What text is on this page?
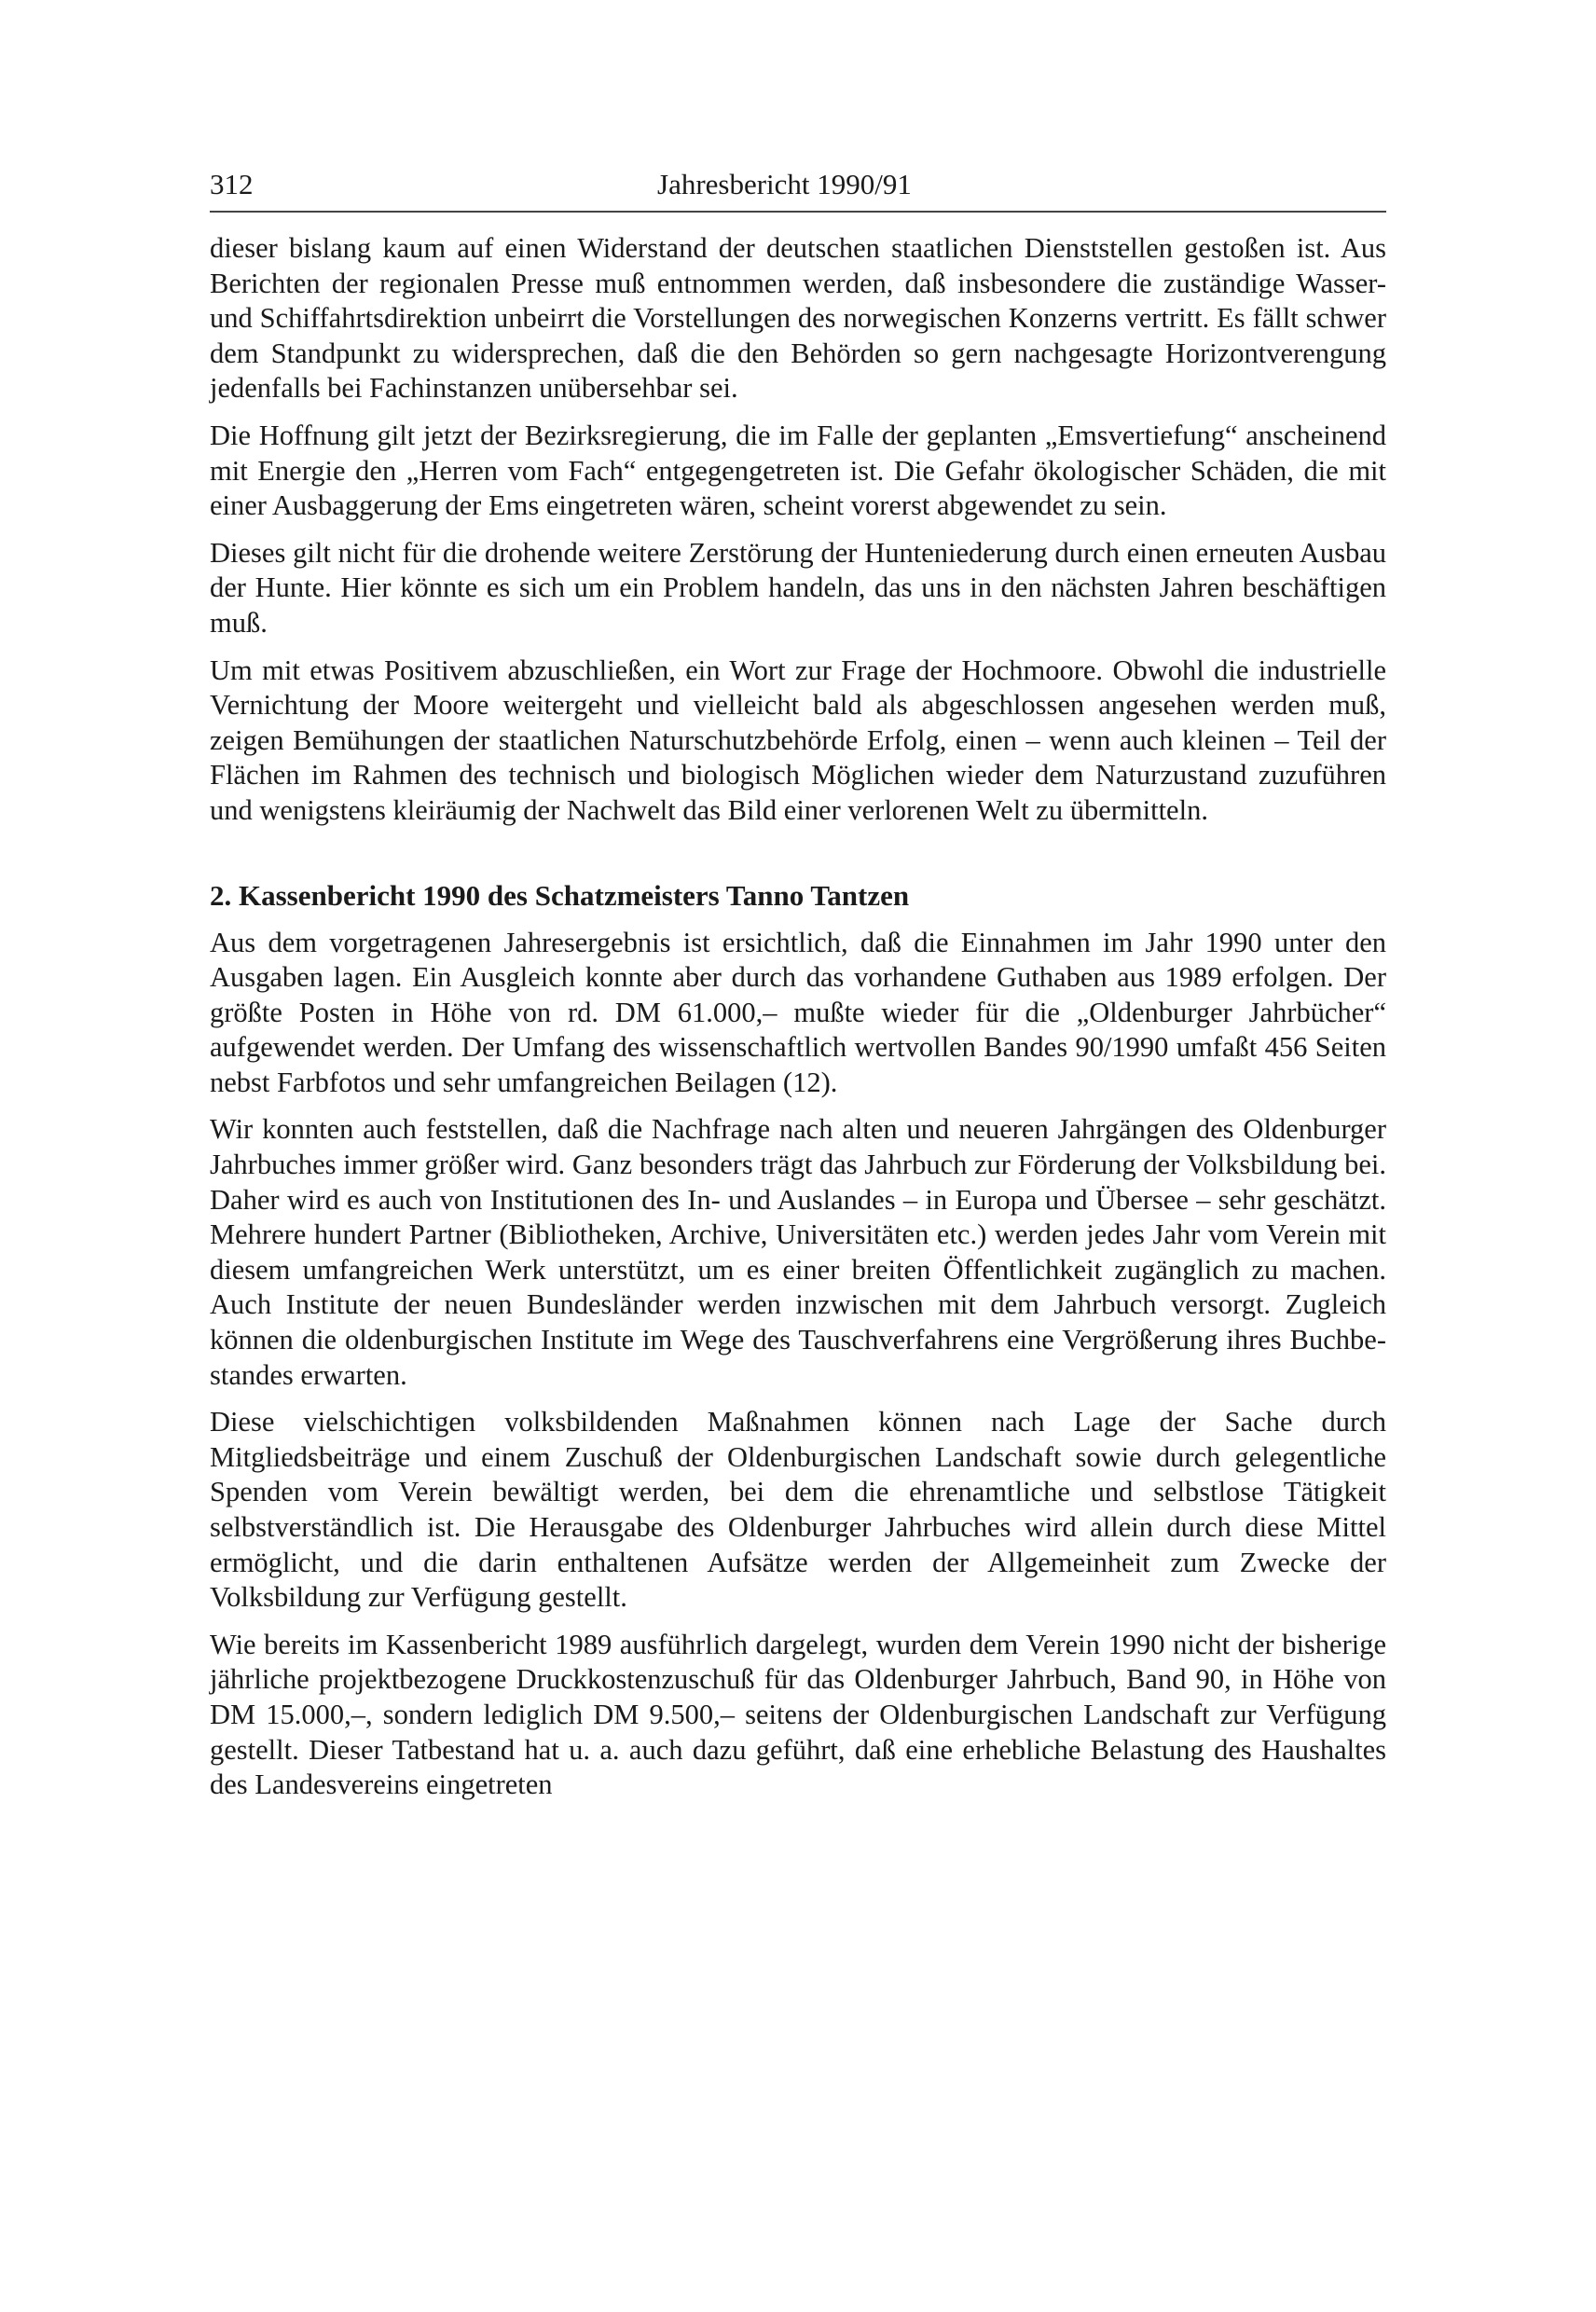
312	Jahresbericht 1990/91

dieser bislang kaum auf einen Widerstand der deutschen staatlichen Dienststellen gestoßen ist. Aus Berichten der regionalen Presse muß entnommen werden, daß insbesondere die zuständige Wasser- und Schiffahrtsdirektion unbeirrt die Vorstellungen des norwegischen Konzerns vertritt. Es fällt schwer dem Standpunkt zu widersprechen, daß die den Behörden so gern nachgesagte Horizontverengung jedenfalls bei Fachinstanzen unübersehbar sei.

Die Hoffnung gilt jetzt der Bezirksregierung, die im Falle der geplanten „Emsvertiefung“ anscheinend mit Energie den „Herren vom Fach“ entgegengetreten ist. Die Gefahr ökologischer Schäden, die mit einer Ausbaggerung der Ems eingetreten wären, scheint vorerst abgewendet zu sein.

Dieses gilt nicht für die drohende weitere Zerstörung der Hunteniederung durch einen erneuten Ausbau der Hunte. Hier könnte es sich um ein Problem handeln, das uns in den nächsten Jahren beschäftigen muß.

Um mit etwas Positivem abzuschließen, ein Wort zur Frage der Hochmoore. Obwohl die industrielle Vernichtung der Moore weitergeht und vielleicht bald als abgeschlossen angesehen werden muß, zeigen Bemühungen der staatlichen Naturschutzbehörde Erfolg, einen – wenn auch kleinen – Teil der Flächen im Rahmen des technisch und biologisch Möglichen wieder dem Naturzustand zuzuführen und wenigstens kleiräumig der Nachwelt das Bild einer verlorenen Welt zu übermitteln.

2. Kassenbericht 1990 des Schatzmeisters Tanno Tantzen

Aus dem vorgetragenen Jahresergebnis ist ersichtlich, daß die Einnahmen im Jahr 1990 unter den Ausgaben lagen. Ein Ausgleich konnte aber durch das vorhandene Guthaben aus 1989 erfolgen. Der größte Posten in Höhe von rd. DM 61.000,– mußte wieder für die „Oldenburger Jahrbücher“ aufgewendet werden. Der Umfang des wissenschaftlich wertvollen Bandes 90/1990 umfaßt 456 Seiten nebst Farbfotos und sehr umfangreichen Beilagen (12).

Wir konnten auch feststellen, daß die Nachfrage nach alten und neueren Jahrgängen des Oldenburger Jahrbuches immer größer wird. Ganz besonders trägt das Jahrbuch zur Förderung der Volksbildung bei. Daher wird es auch von Institutionen des In- und Auslandes – in Europa und Übersee – sehr geschätzt. Mehrere hundert Partner (Bibliotheken, Archive, Universitäten etc.) werden jedes Jahr vom Verein mit diesem umfangreichen Werk unterstützt, um es einer breiten Öffentlichkeit zugänglich zu machen. Auch Institute der neuen Bundesländer werden inzwischen mit dem Jahrbuch versorgt. Zugleich können die oldenburgischen Institute im Wege des Tauschverfahrens eine Vergrößerung ihres Buchbestandes erwarten.

Diese vielschichtigen volksbildenden Maßnahmen können nach Lage der Sache durch Mitgliedsbeiträge und einem Zuschuß der Oldenburgischen Landschaft sowie durch gelegentliche Spenden vom Verein bewältigt werden, bei dem die ehrenamtliche und selbstlose Tätigkeit selbstverständlich ist. Die Herausgabe des Oldenburger Jahrbuches wird allein durch diese Mittel ermöglicht, und die darin enthaltenen Aufsätze werden der Allgemeinheit zum Zwecke der Volksbildung zur Verfügung gestellt.

Wie bereits im Kassenbericht 1989 ausführlich dargelegt, wurden dem Verein 1990 nicht der bisherige jährliche projektbezogene Druckkostenzuschuß für das Oldenburger Jahrbuch, Band 90, in Höhe von DM 15.000,–, sondern lediglich DM 9.500,– seitens der Oldenburgischen Landschaft zur Verfügung gestellt. Dieser Tatbestand hat u. a. auch dazu geführt, daß eine erhebliche Belastung des Haushaltes des Landesvereins eingetreten
